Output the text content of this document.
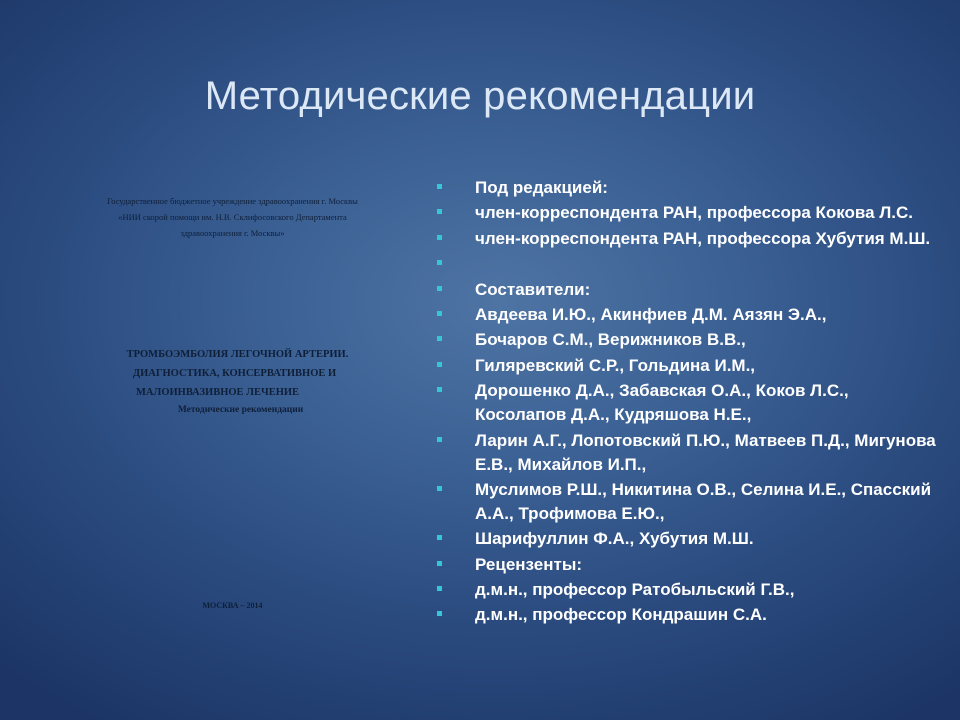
Методические рекомендации
Государственное бюджетное учреждение здравоохранения г. Москвы
«НИИ скорой помощи им. Н.В. Склифосовского Департамента
здравоохранения г. Москвы»
ТРОМБОЭМБОЛИЯ ЛЕГОЧНОЙ АРТЕРИИ.
ДИАГНОСТИКА, КОНСЕРВАТИВНОЕ И
МАЛОИНВАЗИВНОЕ ЛЕЧЕНИЕ
Методические рекомендации
МОСКВА – 2014
Под редакцией:
член-корреспондента РАН, профессора Кокова Л.С.
член-корреспондента РАН, профессора Хубутия М.Ш.
Составители:
Авдеева И.Ю., Акинфиев Д.М. Аязян Э.А.,
Бочаров С.М., Верижников В.В.,
Гиляревский С.Р., Гольдина И.М.,
Дорошенко Д.А., Забавская О.А., Коков Л.С., Косолапов Д.А., Кудряшова Н.Е.,
Ларин А.Г., Лопотовский П.Ю., Матвеев П.Д., Мигунова Е.В., Михайлов И.П.,
Муслимов Р.Ш., Никитина О.В., Селина И.Е., Спасский А.А., Трофимова Е.Ю.,
Шарифуллин Ф.А., Хубутия М.Ш.
Рецензенты:
д.м.н., профессор Ратобыльский Г.В.,
д.м.н., профессор Кондрашин С.А.
